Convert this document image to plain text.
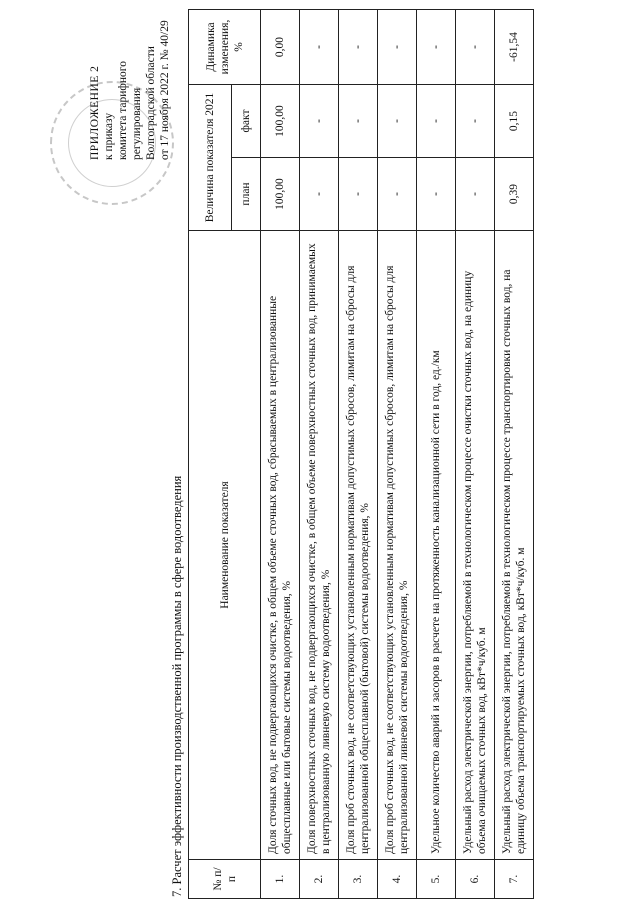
ПРИЛОЖЕНИЕ 2 к приказу комитета тарифного регулирования Волгоградской области от 17 ноября 2022 г. № 40/29
7. Расчет эффективности производственной программы в сфере водоотведения № п/п	Наименование показателя	Величина показателя 2021		Динамика изменения, %
		план	факт	
1.	Доля сточных вод, не подвергающихся очистке, в общем объеме сточных вод, сбрасываемых в централизованные общесплавные или бытовые системы водоотведения, %	100,00	100,00	0,00
2.	Доля поверхностных сточных вод, не подвергающихся очистке, в общем объеме поверхностных сточных вод, принимаемых в централизованную ливневую систему водоотведения, %	-	-	-
3.	Доля проб сточных вод, не соответствующих установленным нормативам допустимых сбросов, лимитам на сбросы для централизованной общесплавной (бытовой) системы водоотведения, %	-	-	-
4.	Доля проб сточных вод, не соответствующих установленным нормативам допустимых сбросов, лимитам на сбросы для централизованной ливневой системы водоотведения, %	-	-	-
5.	Удельное количество аварий и засоров в расчете на протяженность канализационной сети в год, ед./км	-	-	-
6.	Удельный расход электрической энергии, потребляемой в технологическом процессе очистки сточных вод, на единицу объема очищаемых сточных вод, кВт*ч/куб. м	-	-	-
7.	Удельный расход электрической энергии, потребляемой в технологическом процессе транспортировки сточных вод, на единицу объема транспортируемых сточных вод, кВт*ч/куб. м	0,39	0,15	-61,54
